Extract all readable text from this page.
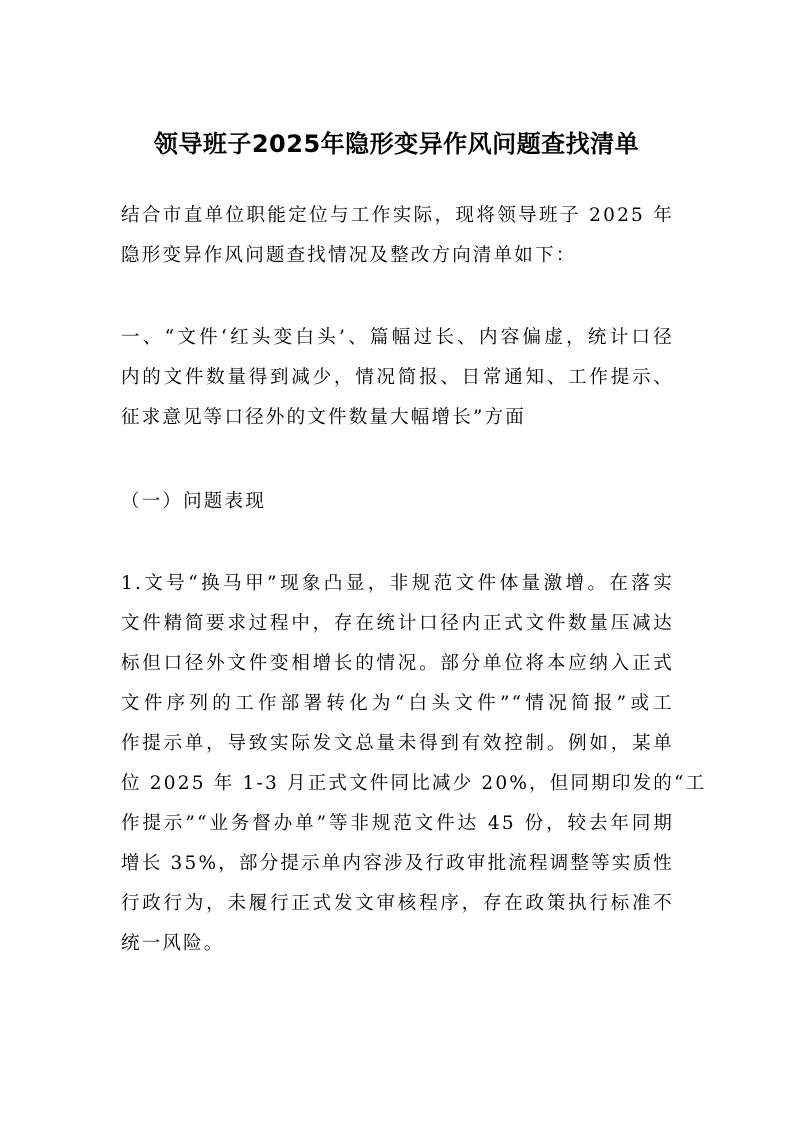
领导班子2025年隐形变异作风问题查找清单
结合市直单位职能定位与工作实际，现将领导班子 2025 年
隐形变异作风问题查找情况及整改方向清单如下：
一、“文件‘红头变白头’、篇幅过长、内容偏虚，统计口径
内的文件数量得到减少，情况简报、日常通知、工作提示、
征求意见等口径外的文件数量大幅增长”方面
（一）问题表现
1.文号“换马甲”现象凸显，非规范文件体量激增。在落实
文件精简要求过程中，存在统计口径内正式文件数量压减达
标但口径外文件变相增长的情况。部分单位将本应纳入正式
文件序列的工作部署转化为“白头文件”“情况简报”或工
作提示单，导致实际发文总量未得到有效控制。例如，某单
位 2025 年 1-3 月正式文件同比减少 20%，但同期印发的“工
作提示”“业务督办单”等非规范文件达 45 份，较去年同期
增长 35%，部分提示单内容涉及行政审批流程调整等实质性
行政行为，未履行正式发文审核程序，存在政策执行标准不
统一风险。
